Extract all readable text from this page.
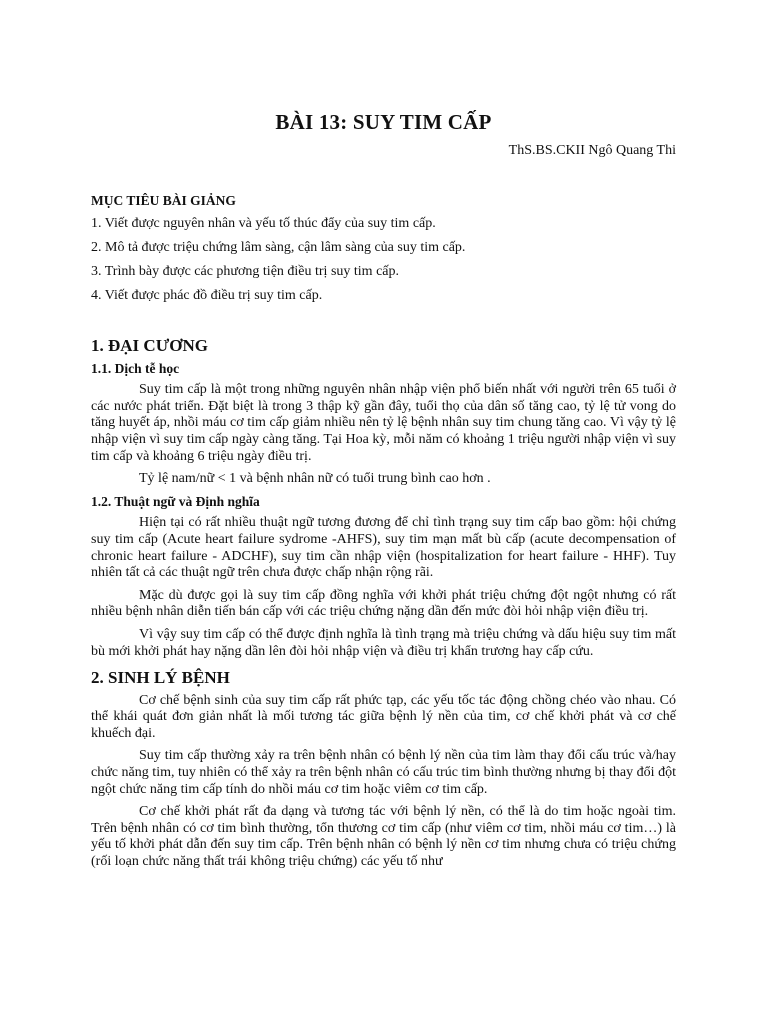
BÀI 13: SUY TIM CẤP
ThS.BS.CKII Ngô Quang Thi
MỤC TIÊU BÀI GIẢNG
1. Viết được nguyên nhân và yếu tố thúc đẩy của suy tim cấp.
2. Mô tả được triệu chứng lâm sàng, cận lâm sàng của suy tim cấp.
3. Trình bày được các phương tiện điều trị suy tim cấp.
4. Viết được phác đồ điều trị suy tim cấp.
1. ĐẠI CƯƠNG
1.1. Dịch tễ học

Suy tim cấp là một trong những nguyên nhân nhập viện phổ biến nhất với người trên 65 tuổi ở các nước phát triển. Đặt biệt là trong 3 thập kỹ gần đây, tuổi thọ của dân số tăng cao, tỷ lệ tử vong do tăng huyết áp, nhồi máu cơ tim cấp giảm nhiều nên tỷ lệ bệnh nhân suy tim chung tăng cao. Vì vậy tỷ lệ nhập viện vì suy tim cấp ngày càng tăng. Tại Hoa kỳ, mỗi năm có khoảng 1 triệu người nhập viện vì suy tim cấp và khoảng 6 triệu ngày điều trị.

Tỷ lệ nam/nữ < 1 và bệnh nhân nữ có tuổi trung bình cao hơn .

1.2. Thuật ngữ và Định nghĩa

Hiện tại có rất nhiều thuật ngữ tương đương để chỉ tình trạng suy tim cấp bao gồm: hội chứng suy tim cấp (Acute heart failure sydrome -AHFS), suy tim mạn mất bù cấp (acute decompensation of chronic heart failure - ADCHF), suy tim cần nhập viện (hospitalization for heart failure - HHF). Tuy nhiên tất cả các thuật ngữ trên chưa được chấp nhận rộng rãi.

Mặc dù được gọi là suy tim cấp đồng nghĩa với khởi phát triệu chứng đột ngột nhưng có rất nhiều bệnh nhân diễn tiến bán cấp với các triệu chứng nặng dần đến mức đòi hỏi nhập viện điều trị.

Vì vậy suy tim cấp có thể được định nghĩa là tình trạng mà triệu chứng và dấu hiệu suy tim mất bù mới khởi phát hay nặng dần lên đòi hỏi nhập viện và điều trị khẩn trương hay cấp cứu.

2. SINH LÝ BỆNH

Cơ chế bệnh sinh của suy tim cấp rất phức tạp, các yếu tốc tác động chồng chéo vào nhau. Có thể khái quát đơn giản nhất là mối tương tác giữa bệnh lý nền của tim, cơ chế khởi phát và cơ chế khuếch đại.

Suy tim cấp thường xảy ra trên bệnh nhân có bệnh lý nền của tim làm thay đổi cấu trúc và/hay chức năng tim, tuy nhiên có thể xảy ra trên bệnh nhân có cấu trúc tim bình thường nhưng bị thay đổi đột ngột chức năng tim cấp tính do nhồi máu cơ tim hoặc viêm cơ tim cấp.

Cơ chế khởi phát rất đa dạng và tương tác với bệnh lý nền, có thể là do tim hoặc ngoài tim. Trên bệnh nhân có cơ tim bình thường, tổn thương cơ tim cấp (như viêm cơ tim, nhồi máu cơ tim…) là yếu tố khởi phát dẫn đến suy tim cấp. Trên bệnh nhân có bệnh lý nền cơ tim nhưng chưa có triệu chứng (rối loạn chức năng thất trái không triệu chứng) các yếu tố như
